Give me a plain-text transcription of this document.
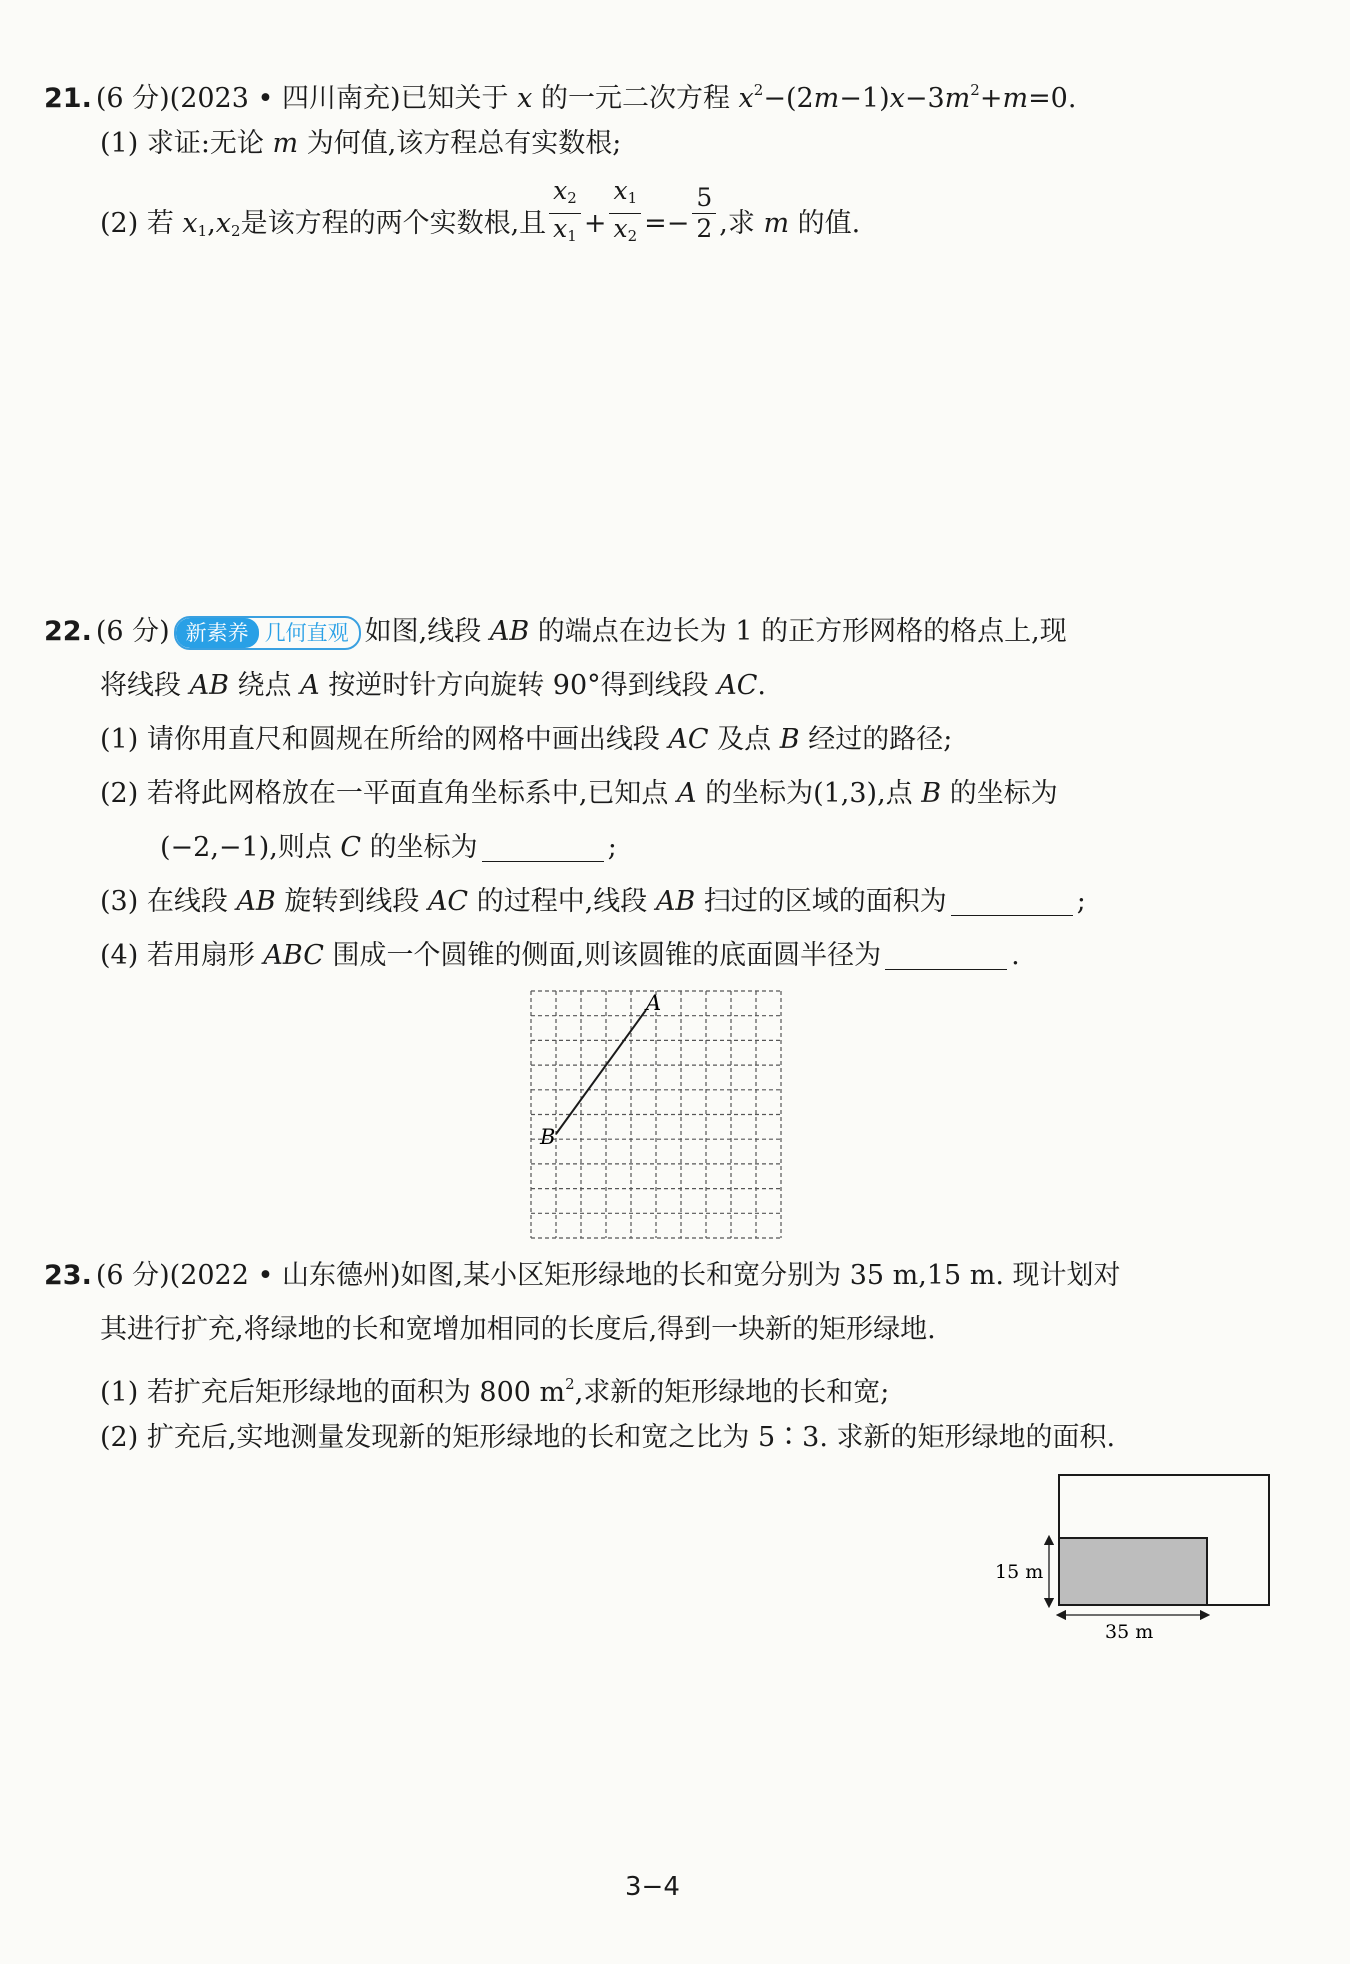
21. (6 分)(2023 • 四川南充)已知关于 x 的一元二次方程 $x^2-(2m-1)x-3m^2+m=0$.
(1) 求证:无论 m 为何值,该方程总有实数根;
(2) 若 $x_1,x_2$是该方程的两个实数根,且 $\frac{x_2}{x_1} + \frac{x_1}{x_2} =- \frac{5}{2}$ ,求 m 的值.
22. (6 分) 新素养 几何直观 如图,线段 AB 的端点在边长为 1 的正方形网格的格点上,现
将线段 AB 绕点 A 按逆时针方向旋转 90°得到线段 AC.
(1) 请你用直尺和圆规在所给的网格中画出线段 AC 及点 B 经过的路径;
(2) 若将此网格放在一平面直角坐标系中,已知点 A 的坐标为(1,3),点 B 的坐标为
(−2,−1),则点 C 的坐标为	;
(3) 在线段 AB 旋转到线段 AC 的过程中,线段 AB 扫过的区域的面积为	;
(4) 若用扇形 ABC 围成一个圆锥的侧面,则该圆锥的底面圆半径为	.
A
B
23. (6 分)(2022 • 山东德州)如图,某小区矩形绿地的长和宽分别为 35 m,15 m. 现计划对
其进行扩充,将绿地的长和宽增加相同的长度后,得到一块新的矩形绿地.
(1) 若扩充后矩形绿地的面积为 800 $m^2$,求新的矩形绿地的长和宽;
(2) 扩充后,实地测量发现新的矩形绿地的长和宽之比为 5∶3. 求新的矩形绿地的面积.
15 m
35 m
3−4
